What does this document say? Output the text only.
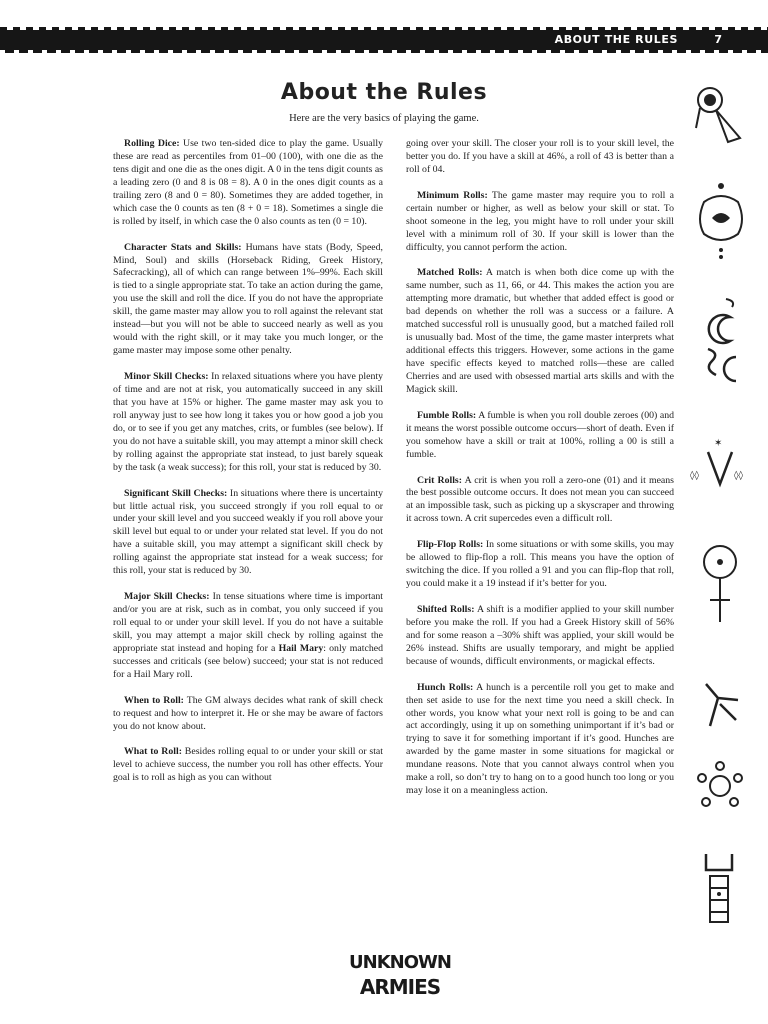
ABOUT THE RULES	7
About the Rules
Here are the very basics of playing the game.

Rolling Dice: Use two ten-sided dice to play the game. Usually these are read as percentiles from 01–00 (100), with one die as the tens digit and one die as the ones digit. A 0 in the tens digit counts as a leading zero (0 and 8 is 08 = 8). A 0 in the ones digit counts as a trailing zero (8 and 0 = 80). Sometimes they are added together, in which case the 0 counts as ten (8 + 0 = 18). Sometimes a single die is rolled by itself, in which case the 0 also counts as ten (0 = 10).

Character Stats and Skills: Humans have stats (Body, Speed, Mind, Soul) and skills (Horseback Riding, Greek History, Safecracking), all of which can range between 1%–99%. Each skill is tied to a single appropriate stat. To take an action during the game, you use the skill and roll the dice. If you do not have the appropriate skill, the game master may allow you to roll against the relevant stat instead—but you will not be able to succeed nearly as well as you would with the right skill, or it may take you much longer, or the game master may impose some other penalty.

Minor Skill Checks: In relaxed situations where you have plenty of time and are not at risk, you automatically succeed in any skill that you have at 15% or higher. The game master may ask you to roll anyway just to see how long it takes you or how good a job you do, or to see if you get any matches, crits, or fumbles (see below). If you do not have a suitable skill, you may attempt a minor skill check by rolling against the appropriate stat instead, to just barely squeak by the task (a weak success); for this roll, your stat is reduced by 30.

Significant Skill Checks: In situations where there is uncertainty but little actual risk, you succeed strongly if you roll equal to or under your skill level and you succeed weakly if you roll above your skill level but equal to or under your related stat level. If you do not have a suitable skill, you may attempt a significant skill check by rolling against the appropriate stat instead for a weak success; for this roll, your stat is reduced by 30.

Major Skill Checks: In tense situations where time is important and/or you are at risk, such as in combat, you only succeed if you roll equal to or under your skill level. If you do not have a suitable skill, you may attempt a major skill check by rolling against the appropriate stat instead and hoping for a Hail Mary: only matched successes and criticals (see below) succeed; your stat is not reduced for a Hail Mary roll.

When to Roll: The GM always decides what rank of skill check to request and how to interpret it. He or she may be aware of factors you do not know about.

What to Roll: Besides rolling equal to or under your skill or stat level to achieve success, the number you roll has other effects. Your goal is to roll as high as you can without

going over your skill. The closer your roll is to your skill level, the better you do. If you have a skill at 46%, a roll of 43 is better than a roll of 04.

Minimum Rolls: The game master may require you to roll a certain number or higher, as well as below your skill or stat. To shoot someone in the leg, you might have to roll under your skill level with a minimum roll of 30. If your skill is lower than the difficulty, you cannot perform the action.

Matched Rolls: A match is when both dice come up with the same number, such as 11, 66, or 44. This makes the action you are attempting more dramatic, but whether that added effect is good or bad depends on whether the roll was a success or a failure. A matched successful roll is unusually good, but a matched failed roll is unusually bad. Most of the time, the game master interprets what additional effects this triggers. However, some actions in the game have specific effects keyed to matched rolls—these are called Cherries and are used with obsessed martial arts skills and with the Magick skill.

Fumble Rolls: A fumble is when you roll double zeroes (00) and it means the worst possible outcome occurs—short of death. Even if you somehow have a skill or trait at 100%, rolling a 00 is still a fumble.

Crit Rolls: A crit is when you roll a zero-one (01) and it means the best possible outcome occurs. It does not mean you can succeed at an impossible task, such as picking up a skyscraper and throwing it across town. A crit supercedes even a difficult roll.

Flip-Flop Rolls: In some situations or with some skills, you may be allowed to flip-flop a roll. This means you have the option of switching the dice. If you rolled a 91 and you can flip-flop that roll, you could make it a 19 instead if it’s better for you.

Shifted Rolls: A shift is a modifier applied to your skill number before you make the roll. If you had a Greek History skill of 56% and for some reason a –30% shift was applied, your skill would be 26% instead. Shifts are usually temporary, and might be applied because of wounds, difficult environments, or magickal effects.

Hunch Rolls: A hunch is a percentile roll you get to make and then set aside to use for the next time you need a skill check. In other words, you know what your next roll is going to be and can act accordingly, using it up on something unimportant if it’s bad or trying to save it for something important if it’s good. Hunches are awarded by the game master in some situations for magickal or mundane reasons. Note that you cannot always control when you make a roll, so don’t try to hang on to a good hunch too long or you may lose it on a meaningless action.

✶
◊◊	◊◊
UNKNOWN
ARMIES
